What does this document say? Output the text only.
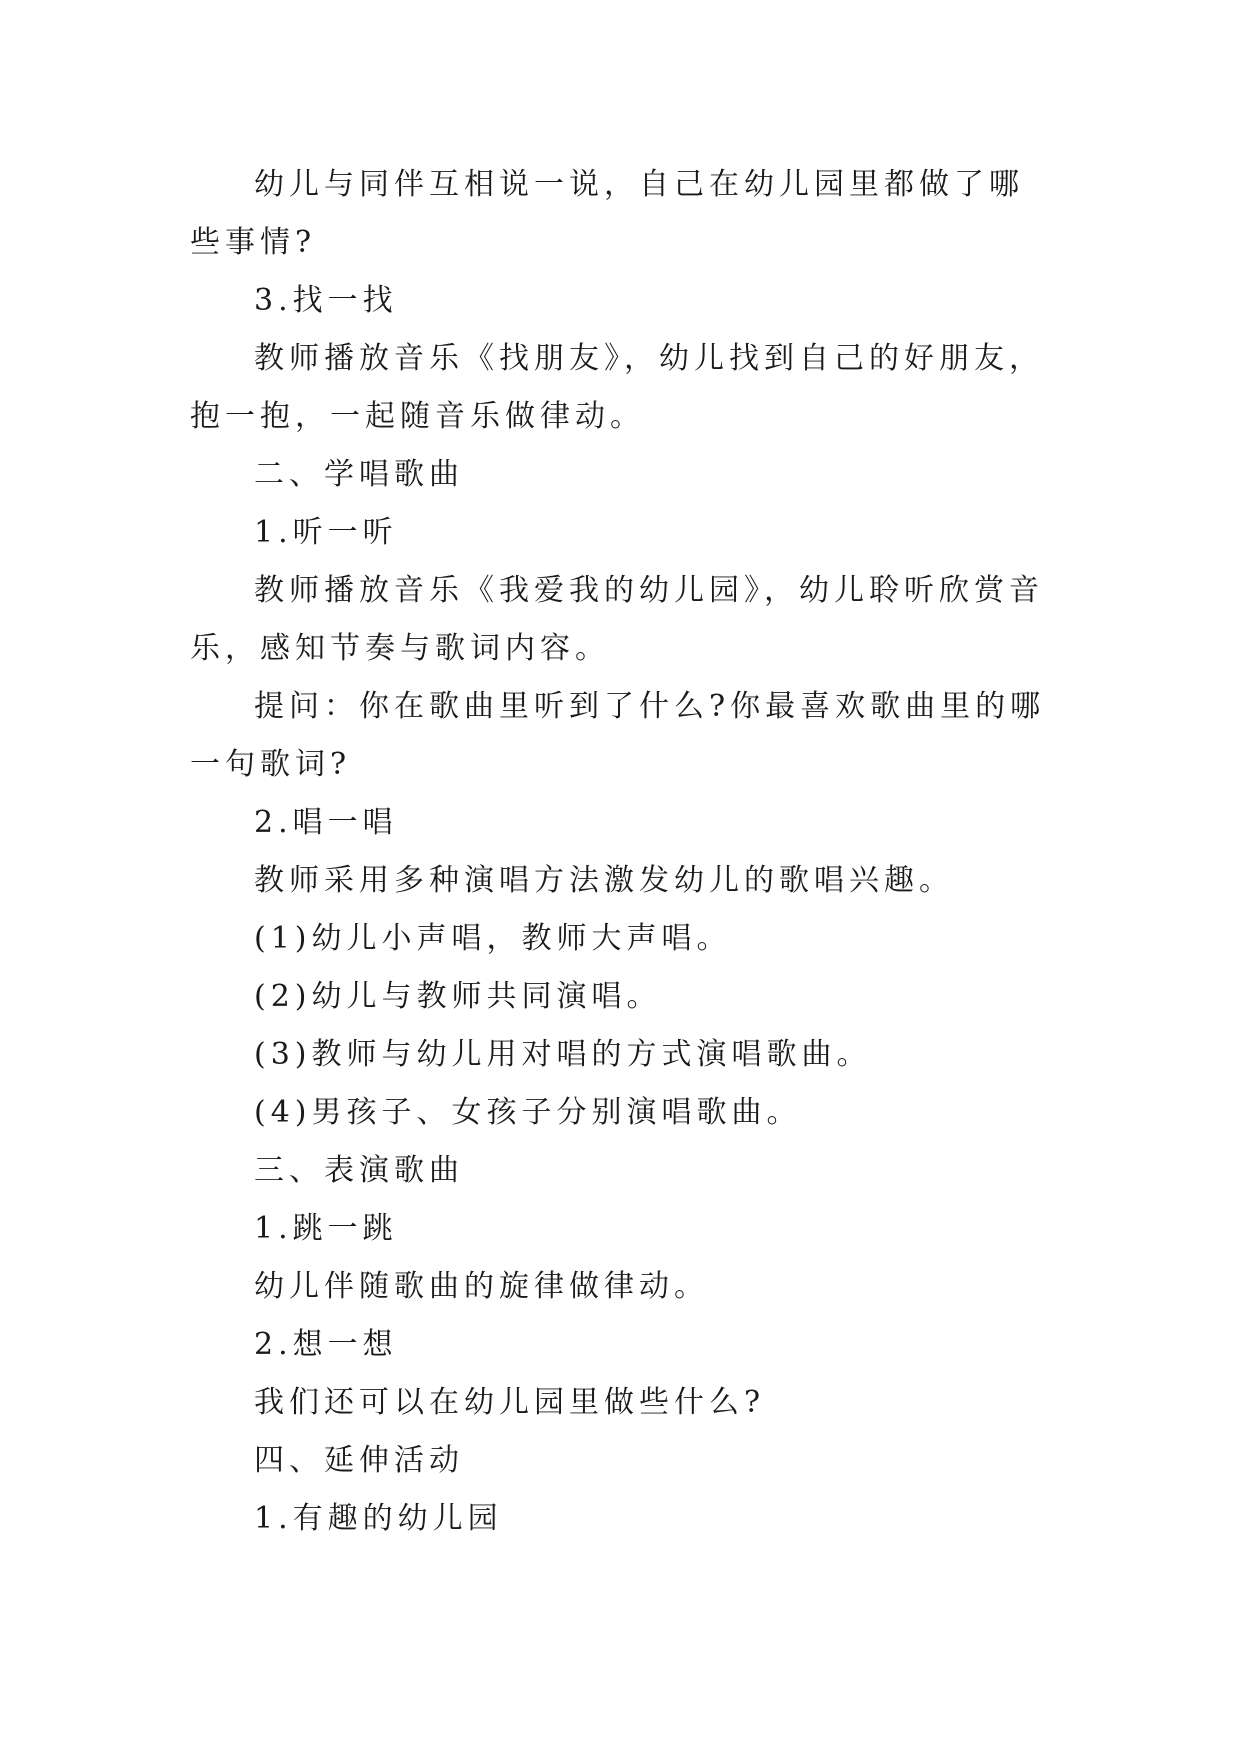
幼儿与同伴互相说一说，自己在幼儿园里都做了哪些事情?

3.找一找

教师播放音乐《找朋友》，幼儿找到自己的好朋友，抱一抱，一起随音乐做律动。

二、学唱歌曲

1.听一听

教师播放音乐《我爱我的幼儿园》，幼儿聆听欣赏音乐，感知节奏与歌词内容。

提问：你在歌曲里听到了什么?你最喜欢歌曲里的哪一句歌词?

2.唱一唱

教师采用多种演唱方法激发幼儿的歌唱兴趣。

(1)幼儿小声唱，教师大声唱。

(2)幼儿与教师共同演唱。

(3)教师与幼儿用对唱的方式演唱歌曲。

(4)男孩子、女孩子分别演唱歌曲。

三、表演歌曲

1.跳一跳

幼儿伴随歌曲的旋律做律动。

2.想一想

我们还可以在幼儿园里做些什么?

四、延伸活动

1.有趣的幼儿园
